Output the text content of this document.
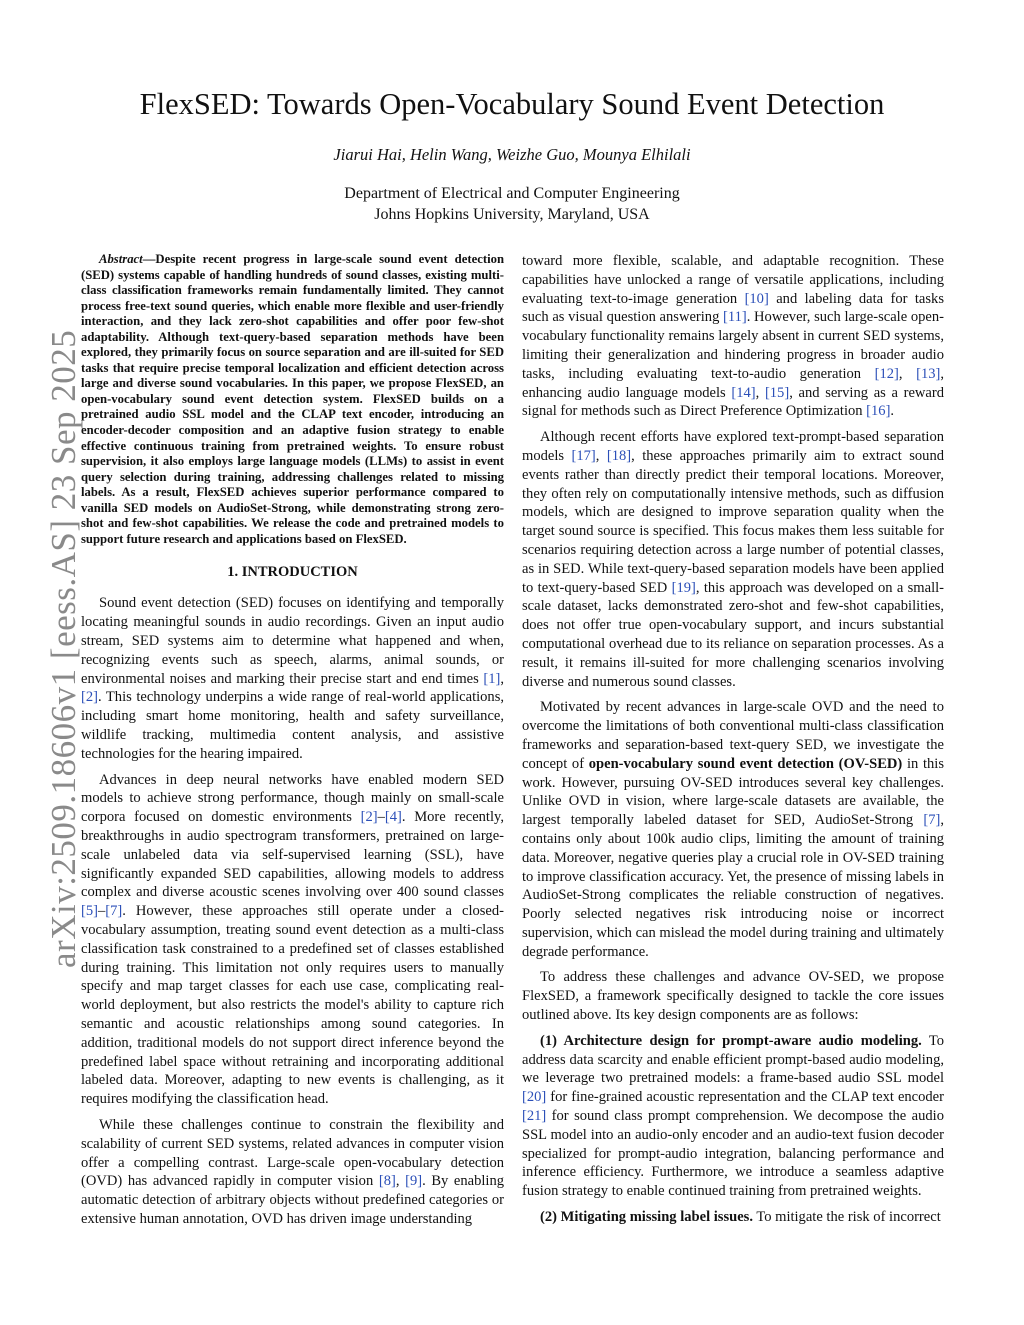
arXiv:2509.18606v1 [eess.AS] 23 Sep 2025
FlexSED: Towards Open-Vocabulary Sound Event Detection
Jiarui Hai, Helin Wang, Weizhe Guo, Mounya Elhilali
Department of Electrical and Computer Engineering
Johns Hopkins University, Maryland, USA

Abstract—Despite recent progress in large-scale sound event detection (SED) systems capable of handling hundreds of sound classes, existing multi-class classification frameworks remain fundamentally limited. They cannot process free-text sound queries, which enable more flexible and user-friendly interaction, and they lack zero-shot capabilities and offer poor few-shot adaptability. Although text-query-based separation methods have been explored, they primarily focus on source separation and are ill-suited for SED tasks that require precise temporal localization and efficient detection across large and diverse sound vocabularies. In this paper, we propose FlexSED, an open-vocabulary sound event detection system. FlexSED builds on a pretrained audio SSL model and the CLAP text encoder, introducing an encoder-decoder composition and an adaptive fusion strategy to enable effective continuous training from pretrained weights. To ensure robust supervision, it also employs large language models (LLMs) to assist in event query selection during training, addressing challenges related to missing labels. As a result, FlexSED achieves superior performance compared to vanilla SED models on AudioSet-Strong, while demonstrating strong zero-shot and few-shot capabilities. We release the code and pretrained models to support future research and applications based on FlexSED.

1. INTRODUCTION

Sound event detection (SED) focuses on identifying and temporally locating meaningful sounds in audio recordings. Given an input audio stream, SED systems aim to determine what happened and when, recognizing events such as speech, alarms, animal sounds, or environmental noises and marking their precise start and end times [1], [2]. This technology underpins a wide range of real-world applications, including smart home monitoring, health and safety surveillance, wildlife tracking, multimedia content analysis, and assistive technologies for the hearing impaired.

Advances in deep neural networks have enabled modern SED models to achieve strong performance, though mainly on small-scale corpora focused on domestic environments [2]–[4]. More recently, breakthroughs in audio spectrogram transformers, pretrained on large-scale unlabeled data via self-supervised learning (SSL), have significantly expanded SED capabilities, allowing models to address complex and diverse acoustic scenes involving over 400 sound classes [5]–[7]. However, these approaches still operate under a closed-vocabulary assumption, treating sound event detection as a multi-class classification task constrained to a predefined set of classes established during training. This limitation not only requires users to manually specify and map target classes for each use case, complicating real-world deployment, but also restricts the model's ability to capture rich semantic and acoustic relationships among sound categories. In addition, traditional models do not support direct inference beyond the predefined label space without retraining and incorporating additional labeled data. Moreover, adapting to new events is challenging, as it requires modifying the classification head.

While these challenges continue to constrain the flexibility and scalability of current SED systems, related advances in computer vision offer a compelling contrast. Large-scale open-vocabulary detection (OVD) has advanced rapidly in computer vision [8], [9]. By enabling automatic detection of arbitrary objects without predefined categories or extensive human annotation, OVD has driven image understanding

toward more flexible, scalable, and adaptable recognition. These capabilities have unlocked a range of versatile applications, including evaluating text-to-image generation [10] and labeling data for tasks such as visual question answering [11]. However, such large-scale open-vocabulary functionality remains largely absent in current SED systems, limiting their generalization and hindering progress in broader audio tasks, including evaluating text-to-audio generation [12], [13], enhancing audio language models [14], [15], and serving as a reward signal for methods such as Direct Preference Optimization [16].

Although recent efforts have explored text-prompt-based separation models [17], [18], these approaches primarily aim to extract sound events rather than directly predict their temporal locations. Moreover, they often rely on computationally intensive methods, such as diffusion models, which are designed to improve separation quality when the target sound source is specified. This focus makes them less suitable for scenarios requiring detection across a large number of potential classes, as in SED. While text-query-based separation models have been applied to text-query-based SED [19], this approach was developed on a small-scale dataset, lacks demonstrated zero-shot and few-shot capabilities, does not offer true open-vocabulary support, and incurs substantial computational overhead due to its reliance on separation processes. As a result, it remains ill-suited for more challenging scenarios involving diverse and numerous sound classes.

Motivated by recent advances in large-scale OVD and the need to overcome the limitations of both conventional multi-class classification frameworks and separation-based text-query SED, we investigate the concept of open-vocabulary sound event detection (OV-SED) in this work. However, pursuing OV-SED introduces several key challenges. Unlike OVD in vision, where large-scale datasets are available, the largest temporally labeled dataset for SED, AudioSet-Strong [7], contains only about 100k audio clips, limiting the amount of training data. Moreover, negative queries play a crucial role in OV-SED training to improve classification accuracy. Yet, the presence of missing labels in AudioSet-Strong complicates the reliable construction of negatives. Poorly selected negatives risk introducing noise or incorrect supervision, which can mislead the model during training and ultimately degrade performance.

To address these challenges and advance OV-SED, we propose FlexSED, a framework specifically designed to tackle the core issues outlined above. Its key design components are as follows:

(1) Architecture design for prompt-aware audio modeling. To address data scarcity and enable efficient prompt-based audio modeling, we leverage two pretrained models: a frame-based audio SSL model [20] for fine-grained acoustic representation and the CLAP text encoder [21] for sound class prompt comprehension. We decompose the audio SSL model into an audio-only encoder and an audio-text fusion decoder specialized for prompt-audio integration, balancing performance and inference efficiency. Furthermore, we introduce a seamless adaptive fusion strategy to enable continued training from pretrained weights.

(2) Mitigating missing label issues. To mitigate the risk of incorrect
